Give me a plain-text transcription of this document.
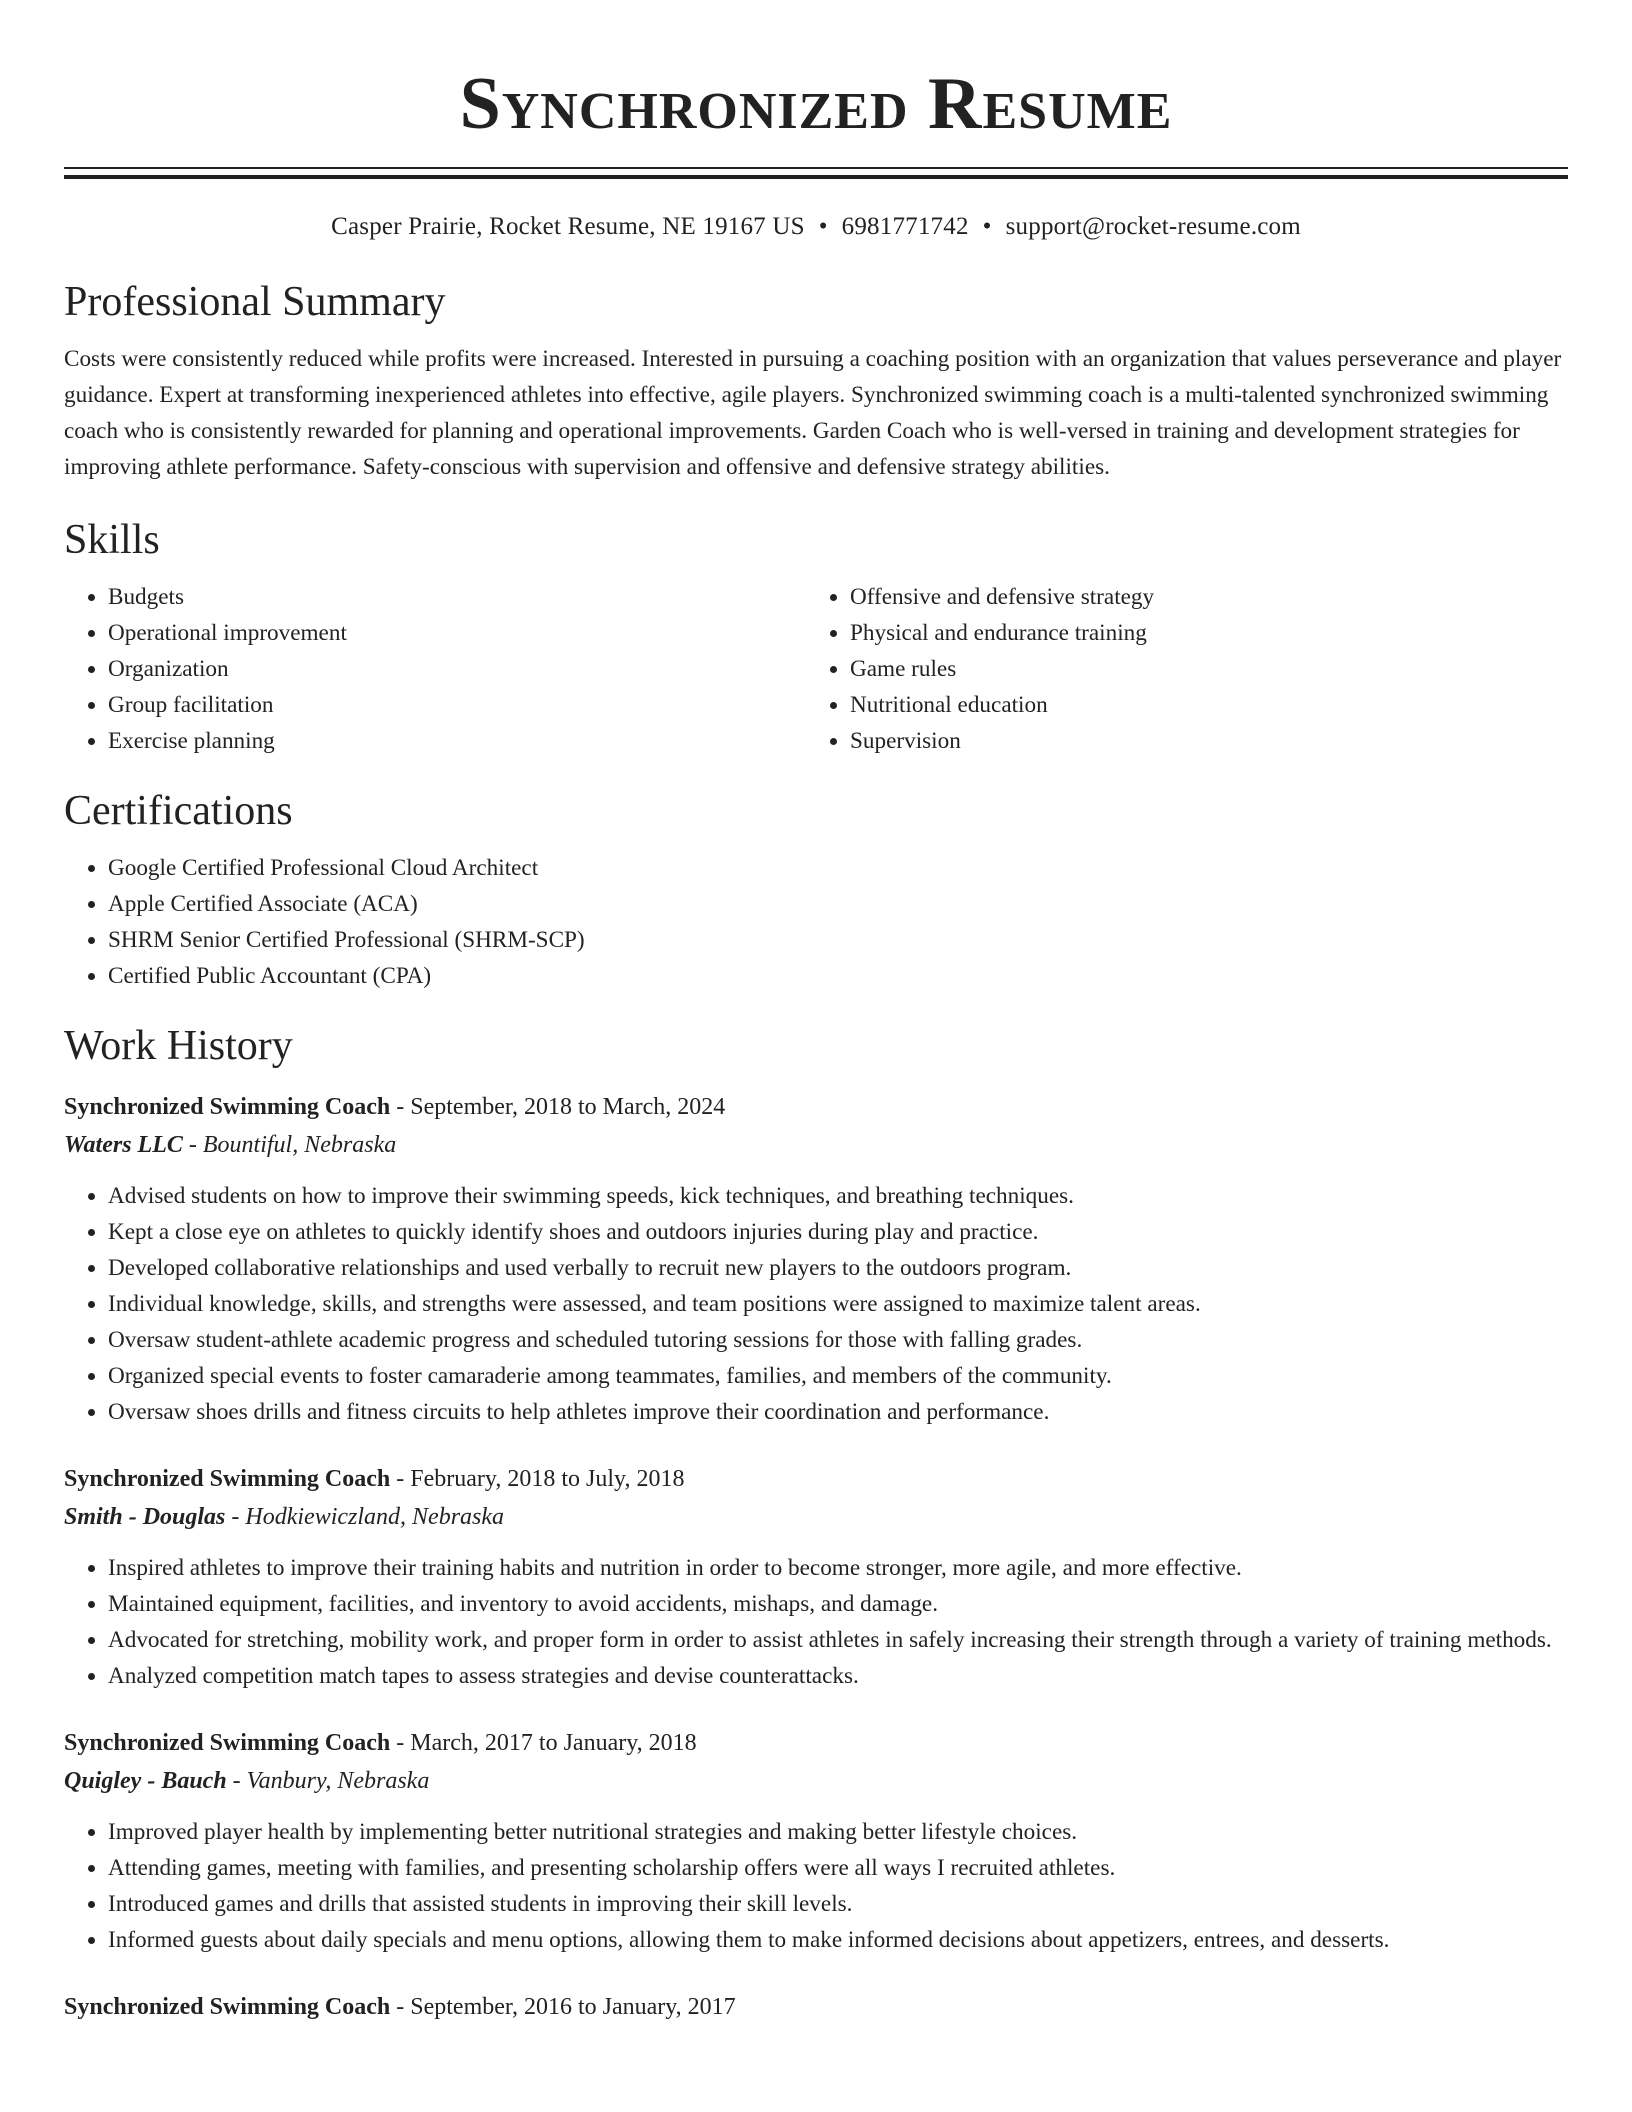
Synchronized Resume
Casper Prairie, Rocket Resume, NE 19167 US • 6981771742 • support@rocket-resume.com
Professional Summary

Costs were consistently reduced while profits were increased. Interested in pursuing a coaching position with an organization that values perseverance and player guidance. Expert at transforming inexperienced athletes into effective, agile players. Synchronized swimming coach is a multi-talented synchronized swimming coach who is consistently rewarded for planning and operational improvements. Garden Coach who is well-versed in training and development strategies for improving athlete performance. Safety-conscious with supervision and offensive and defensive strategy abilities.

Skills
• Budgets
• Operational improvement
• Organization
• Group facilitation
• Exercise planning
• Offensive and defensive strategy
• Physical and endurance training
• Game rules
• Nutritional education
• Supervision
Certifications
• Google Certified Professional Cloud Architect
• Apple Certified Associate (ACA)
• SHRM Senior Certified Professional (SHRM-SCP)
• Certified Public Accountant (CPA)
Work History

Synchronized Swimming Coach - September, 2018 to March, 2024

Waters LLC - Bountiful, Nebraska

• Advised students on how to improve their swimming speeds, kick techniques, and breathing techniques.
• Kept a close eye on athletes to quickly identify shoes and outdoors injuries during play and practice.
• Developed collaborative relationships and used verbally to recruit new players to the outdoors program.
• Individual knowledge, skills, and strengths were assessed, and team positions were assigned to maximize talent areas.
• Oversaw student-athlete academic progress and scheduled tutoring sessions for those with falling grades.
• Organized special events to foster camaraderie among teammates, families, and members of the community.
• Oversaw shoes drills and fitness circuits to help athletes improve their coordination and performance.

Synchronized Swimming Coach - February, 2018 to July, 2018

Smith - Douglas - Hodkiewiczland, Nebraska

• Inspired athletes to improve their training habits and nutrition in order to become stronger, more agile, and more effective.
• Maintained equipment, facilities, and inventory to avoid accidents, mishaps, and damage.
• Advocated for stretching, mobility work, and proper form in order to assist athletes in safely increasing their strength through a variety of training methods.
• Analyzed competition match tapes to assess strategies and devise counterattacks.

Synchronized Swimming Coach - March, 2017 to January, 2018

Quigley - Bauch - Vanbury, Nebraska

• Improved player health by implementing better nutritional strategies and making better lifestyle choices.
• Attending games, meeting with families, and presenting scholarship offers were all ways I recruited athletes.
• Introduced games and drills that assisted students in improving their skill levels.
• Informed guests about daily specials and menu options, allowing them to make informed decisions about appetizers, entrees, and desserts.

Synchronized Swimming Coach - September, 2016 to January, 2017
